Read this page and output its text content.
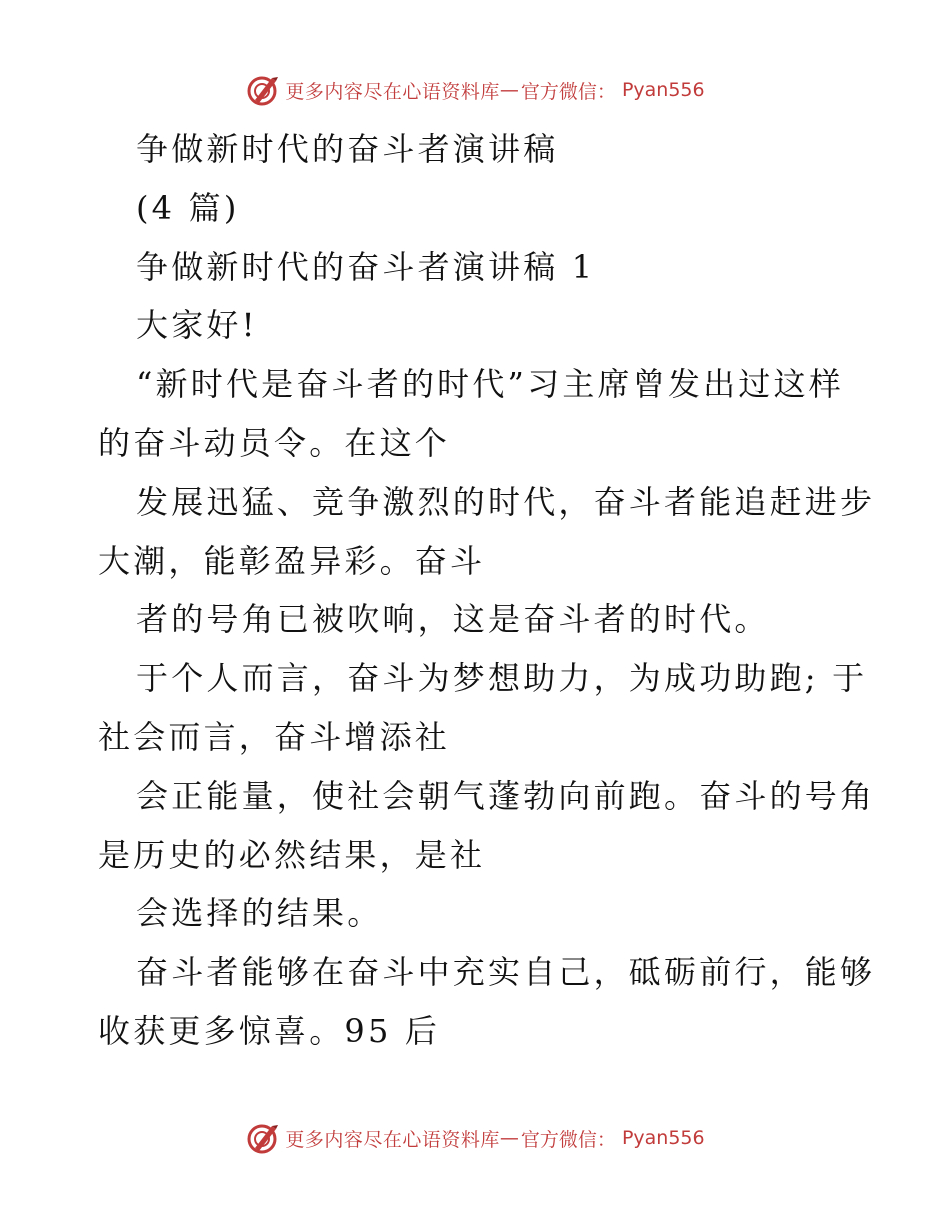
更多内容尽在心语资料库 — 官方微信： Pyan556
争做新时代的奋斗者演讲稿
(4 篇)
争做新时代的奋斗者演讲稿 1
大家好!
“新时代是奋斗者的时代”习主席曾发出过这样
的奋斗动员令。在这个
发展迅猛、竞争激烈的时代，奋斗者能追赶进步
大潮，能彰盈异彩。奋斗
者的号角已被吹响，这是奋斗者的时代。
于个人而言，奋斗为梦想助力，为成功助跑; 于
社会而言，奋斗增添社
会正能量，使社会朝气蓬勃向前跑。奋斗的号角
是历史的必然结果，是社
会选择的结果。
奋斗者能够在奋斗中充实自己，砥砺前行，能够
收获更多惊喜。95 后
更多内容尽在心语资料库 — 官方微信： Pyan556
